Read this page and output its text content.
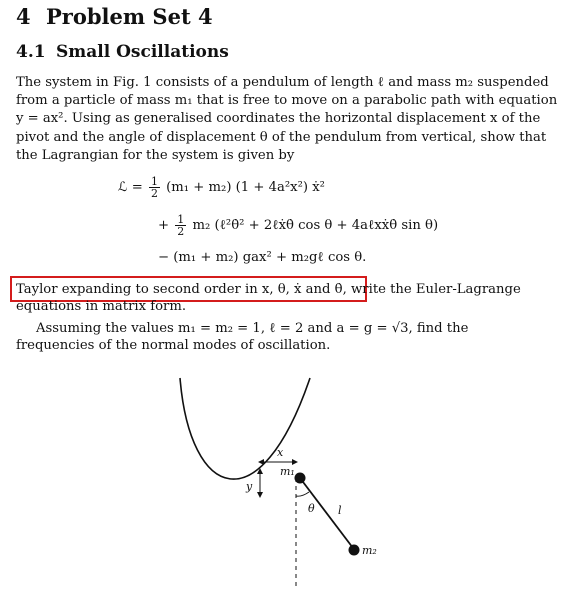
4 Problem Set 4
4.1 Small Oscillations
The system in Fig. 1 consists of a pendulum of length ℓ and mass m₂ suspended
from a particle of mass m₁ that is free to move on a parabolic path with equation
y = ax². Using as generalised coordinates the horizontal displacement x of the
pivot and the angle of displacement θ of the pendulum from vertical, show that
the Lagrangian for the system is given by
ℒ = $\frac{1}{2} (m_1 + m_2) (1 + 4a^2x^2)$ ẋ²
+ $\frac{1}{2} m_2$ (ℓ²θ̇² + 2ℓẋθ̇ cos θ + 4aℓxẋθ̇ sin θ)
− (m₁ + m₂) gax² + m₂gℓ cos θ.
Taylor expanding to second order in x, θ, ẋ and θ̇, write the Euler-Lagrange
equations in matrix form.
Assuming the values m₁ = m₂ = 1, ℓ = 2 and a = g = √3, find the
frequencies of the normal modes of oscillation.
x
y
θ l
m₁
m₂
